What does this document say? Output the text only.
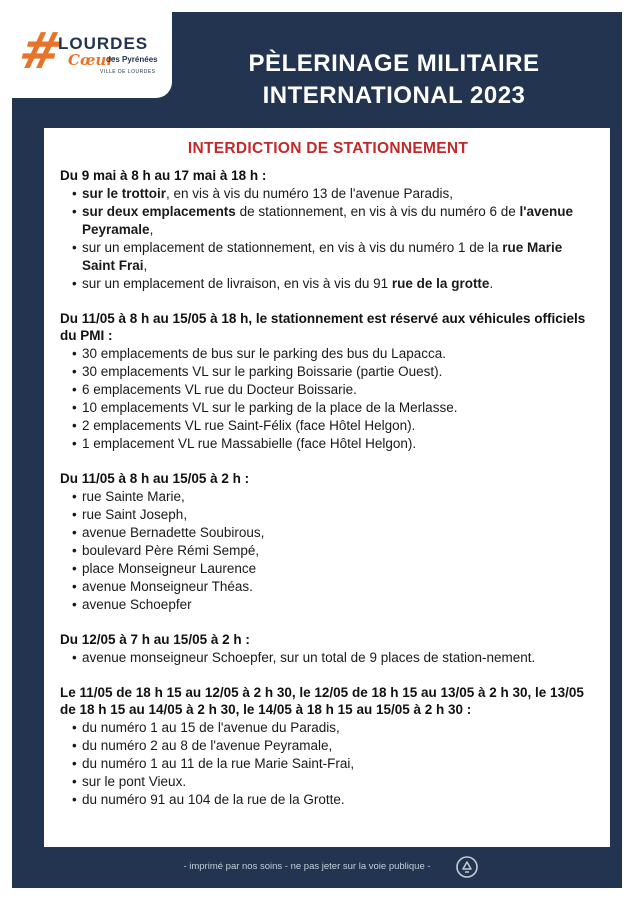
#
LOURDES
Cœur
des Pyrénées
VILLE DE LOURDES	PÈLERINAGE MILITAIRE
INTERNATIONAL 2023
INTERDICTION DE STATIONNEMENT
Du 9 mai à 8 h au 17 mai à 18 h :
• sur le trottoir, en vis à vis du numéro 13 de l'avenue Paradis,
• sur deux emplacements de stationnement, en vis à vis du numéro 6 de l'avenue Peyramale,
• sur un emplacement de stationnement, en vis à vis du numéro 1 de la rue Marie Saint Frai,
• sur un emplacement de livraison, en vis à vis du 91 rue de la grotte.
Du 11/05 à 8 h au 15/05 à 18 h, le stationnement est réservé aux véhicules officiels du PMI :
• 30 emplacements de bus sur le parking des bus du Lapacca.
• 30 emplacements VL sur le parking Boissarie (partie Ouest).
• 6 emplacements VL rue du Docteur Boissarie.
• 10 emplacements VL sur le parking de la place de la Merlasse.
• 2 emplacements VL rue Saint-Félix (face Hôtel Helgon).
• 1 emplacement VL rue Massabielle (face Hôtel Helgon).
Du 11/05 à 8 h au 15/05 à 2 h :
• rue Sainte Marie,
• rue Saint Joseph,
• avenue Bernadette Soubirous,
• boulevard Père Rémi Sempé,
• place Monseigneur Laurence
• avenue Monseigneur Théas.
• avenue Schoepfer
Du 12/05 à 7 h au 15/05 à 2 h :
• avenue monseigneur Schoepfer, sur un total de 9 places de station-nement.
Le 11/05 de 18 h 15 au 12/05 à 2 h 30, le 12/05 de 18 h 15 au 13/05 à 2 h 30, le 13/05 de 18 h 15 au 14/05 à 2 h 30, le 14/05 à 18 h 15 au 15/05 à 2 h 30 :
• du numéro 1 au 15 de l'avenue du Paradis,
• du numéro 2 au 8 de l'avenue Peyramale,
• du numéro 1 au 11 de la rue Marie Saint-Frai,
• sur le pont Vieux.
• du numéro 91 au 104 de la rue de la Grotte.
- imprimé par nos soins - ne pas jeter sur la voie publique -
